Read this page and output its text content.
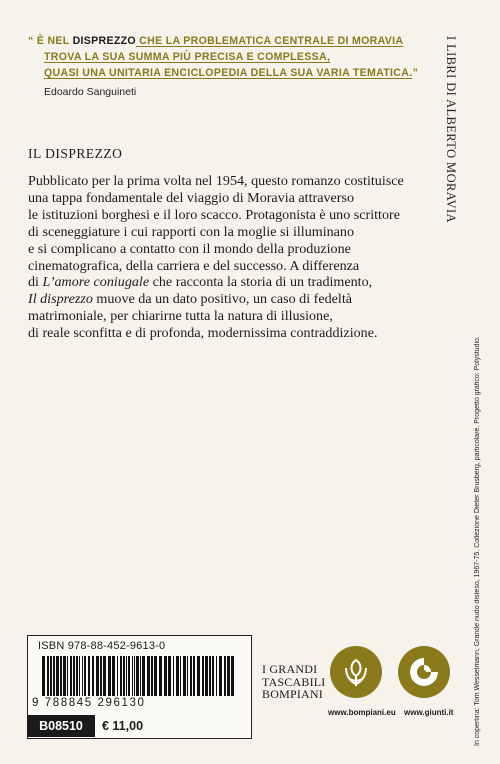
“ È NEL DISPREZZO CHE LA PROBLEMATICA CENTRALE DI MORAVIA
TROVA LA SUA SUMMA PIÙ PRECISA E COMPLESSA,
QUASI UNA UNITARIA ENCICLOPEDIA DELLA SUA VARIA TEMATICA.”
Edoardo Sanguineti	I LIBRI DI ALBERTO MORAVIA
In copertina: Tom Wesselmann, Grande nudo disteso, 1967-75. Collezione Dieter Brusberg, particolare. Progetto grafico: Polystudio.
IL DISPREZZO
Pubblicato per la prima volta nel 1954, questo romanzo costituisce
una tappa fondamentale del viaggio di Moravia attraverso
le istituzioni borghesi e il loro scacco. Protagonista è uno scrittore
di sceneggiature i cui rapporti con la moglie si illuminano
e si complicano a contatto con il mondo della produzione
cinematografica, della carriera e del successo. A differenza
di L’amore coniugale che racconta la storia di un tradimento,
Il disprezzo muove da un dato positivo, un caso di fedeltà
matrimoniale, per chiarirne tutta la natura di illusione,
di reale sconfitta e di profonda, modernissima contraddizione.
ISBN 978-88-452-9613-0
9 788845 296130
B08510	€ 11,00
I GRANDI
TASCABILI
BOMPIANI
www.bompiani.eu www.giunti.it
